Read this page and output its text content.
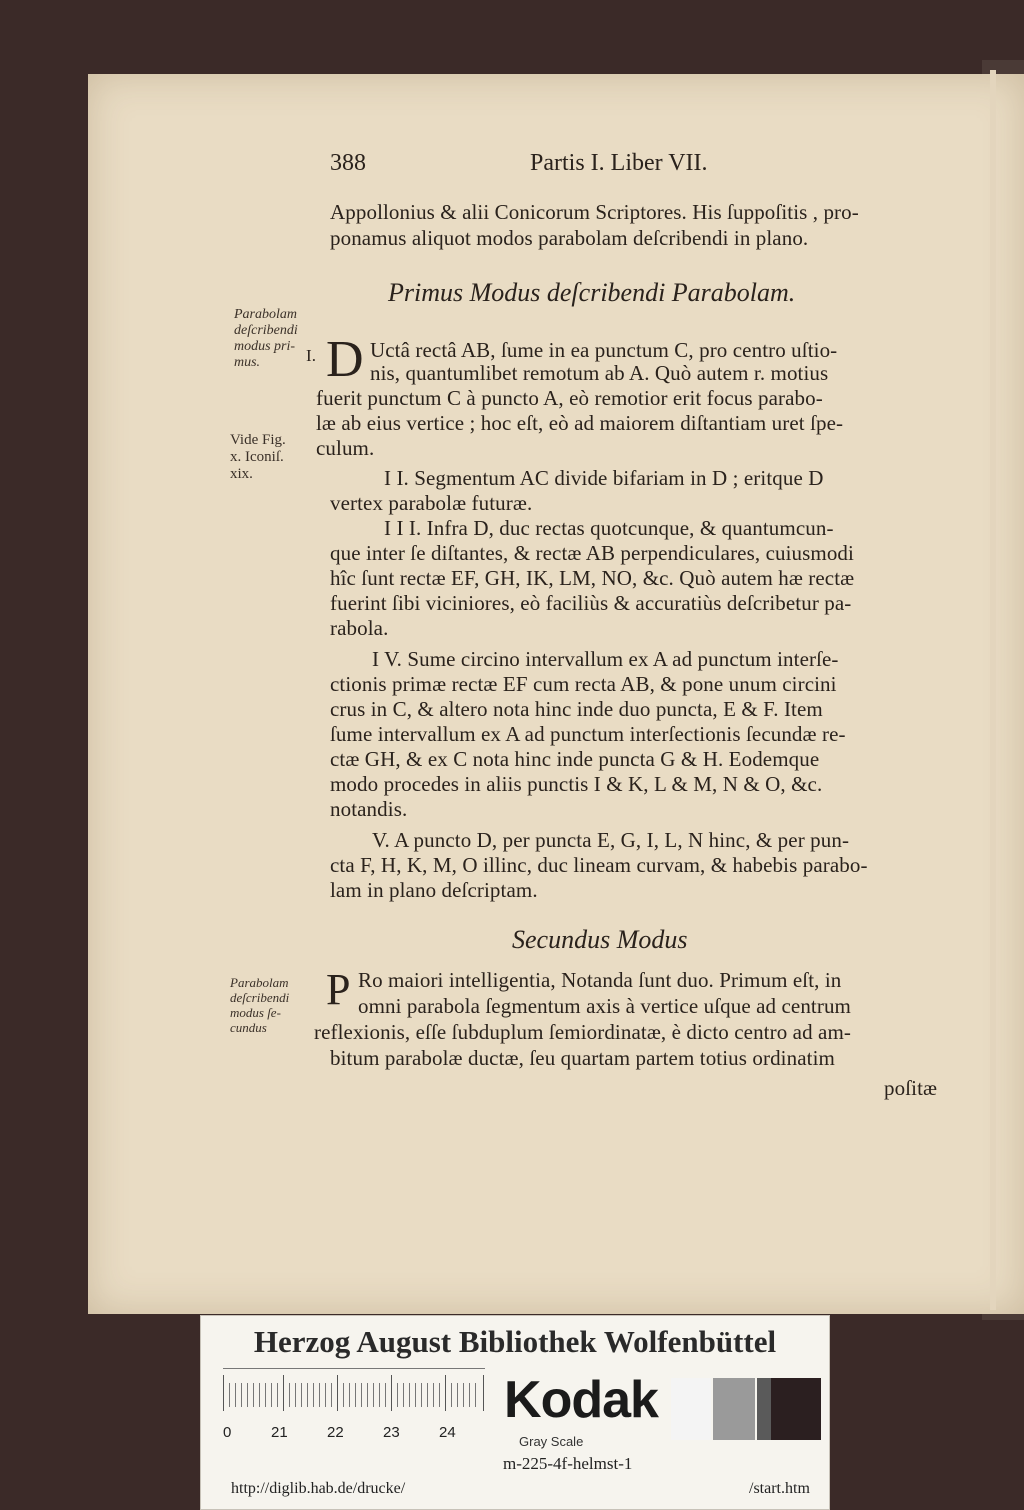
388	Partis I. Liber VII.
Appollonius & alii Conicorum Scriptores. His ſuppoſitis , pro-
ponamus aliquot modos parabolam deſcribendi in plano.
Primus Modus deſcribendi Parabolam.
Parabolam
deſcribendi
modus pri-
mus.
Vide Fig.
x. Iconiſ.
xix.
I. D Uctâ rectâ AB, ſume in ea punctum C, pro centro uſtio-
nis, quantumlibet remotum ab A. Quò autem r. motius
fuerit punctum C à puncto A, eò remotior erit focus parabo-
læ ab eius vertice ; hoc eſt, eò ad maiorem diſtantiam uret ſpe-
culum.
I I. Segmentum AC divide bifariam in D ; eritque D
vertex parabolæ futuræ.
I I I. Infra D, duc rectas quotcunque, & quantumcun-
que inter ſe diſtantes, & rectæ AB perpendiculares, cuiusmodi
hîc ſunt rectæ EF, GH, IK, LM, NO, &c. Quò autem hæ rectæ
fuerint ſibi viciniores, eò faciliùs & accuratiùs deſcribetur pa-
rabola.
I V. Sume circino intervallum ex A ad punctum interſe-
ctionis primæ rectæ EF cum recta AB, & pone unum circini
crus in C, & altero nota hinc inde duo puncta, E & F. Item
ſume intervallum ex A ad punctum interſectionis ſecundæ re-
ctæ GH, & ex C nota hinc inde puncta G & H. Eodemque
modo procedes in aliis punctis I & K, L & M, N & O, &c.
notandis.
V. A puncto D, per puncta E, G, I, L, N hinc, & per pun-
cta F, H, K, M, O illinc, duc lineam curvam, & habebis parabo-
lam in plano deſcriptam.
Secundus Modus
Parabolam
deſcribendi
modus ſe-
cundus
P Ro maiori intelligentia, Notanda ſunt duo. Primum eſt, in
omni parabola ſegmentum axis à vertice uſque ad centrum
reflexionis, eſſe ſubduplum ſemiordinatæ, è dicto centro ad am-
bitum parabolæ ductæ, ſeu quartam partem totius ordinatim
poſitæ
Herzog August Bibliothek Wolfenbüttel
0	21	22	23	24
Kodak
Gray Scale
m-225-4f-helmst-1
http://diglib.hab.de/drucke/	/start.htm
